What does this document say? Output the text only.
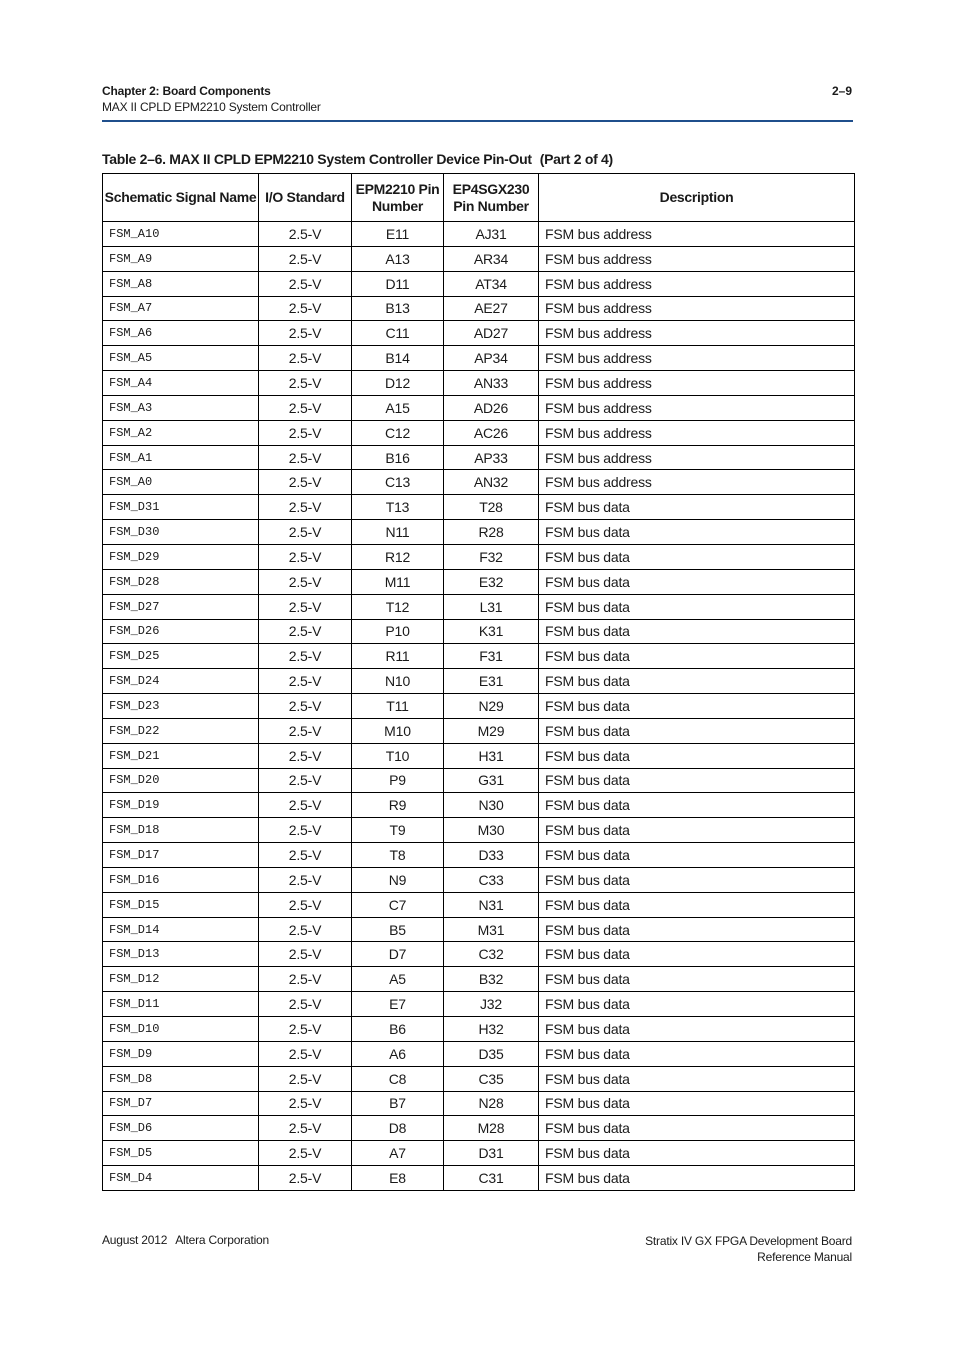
Chapter 2: Board Components
MAX II CPLD EPM2210 System Controller
2–9
Table 2–6. MAX II CPLD EPM2210 System Controller Device Pin-Out (Part 2 of 4)
Schematic Signal Name	I/O Standard	EPM2210 Pin Number	EP4SGX230 Pin Number	Description
FSM_A10	2.5-V	E11	AJ31	FSM bus address
FSM_A9	2.5-V	A13	AR34	FSM bus address
FSM_A8	2.5-V	D11	AT34	FSM bus address
FSM_A7	2.5-V	B13	AE27	FSM bus address
FSM_A6	2.5-V	C11	AD27	FSM bus address
FSM_A5	2.5-V	B14	AP34	FSM bus address
FSM_A4	2.5-V	D12	AN33	FSM bus address
FSM_A3	2.5-V	A15	AD26	FSM bus address
FSM_A2	2.5-V	C12	AC26	FSM bus address
FSM_A1	2.5-V	B16	AP33	FSM bus address
FSM_A0	2.5-V	C13	AN32	FSM bus address
FSM_D31	2.5-V	T13	T28	FSM bus data
FSM_D30	2.5-V	N11	R28	FSM bus data
FSM_D29	2.5-V	R12	F32	FSM bus data
FSM_D28	2.5-V	M11	E32	FSM bus data
FSM_D27	2.5-V	T12	L31	FSM bus data
FSM_D26	2.5-V	P10	K31	FSM bus data
FSM_D25	2.5-V	R11	F31	FSM bus data
FSM_D24	2.5-V	N10	E31	FSM bus data
FSM_D23	2.5-V	T11	N29	FSM bus data
FSM_D22	2.5-V	M10	M29	FSM bus data
FSM_D21	2.5-V	T10	H31	FSM bus data
FSM_D20	2.5-V	P9	G31	FSM bus data
FSM_D19	2.5-V	R9	N30	FSM bus data
FSM_D18	2.5-V	T9	M30	FSM bus data
FSM_D17	2.5-V	T8	D33	FSM bus data
FSM_D16	2.5-V	N9	C33	FSM bus data
FSM_D15	2.5-V	C7	N31	FSM bus data
FSM_D14	2.5-V	B5	M31	FSM bus data
FSM_D13	2.5-V	D7	C32	FSM bus data
FSM_D12	2.5-V	A5	B32	FSM bus data
FSM_D11	2.5-V	E7	J32	FSM bus data
FSM_D10	2.5-V	B6	H32	FSM bus data
FSM_D9	2.5-V	A6	D35	FSM bus data
FSM_D8	2.5-V	C8	C35	FSM bus data
FSM_D7	2.5-V	B7	N28	FSM bus data
FSM_D6	2.5-V	D8	M28	FSM bus data
FSM_D5	2.5-V	A7	D31	FSM bus data
FSM_D4	2.5-V	E8	C31	FSM bus data
August 2012 Altera Corporation	Stratix IV GX FPGA Development Board
Reference Manual
